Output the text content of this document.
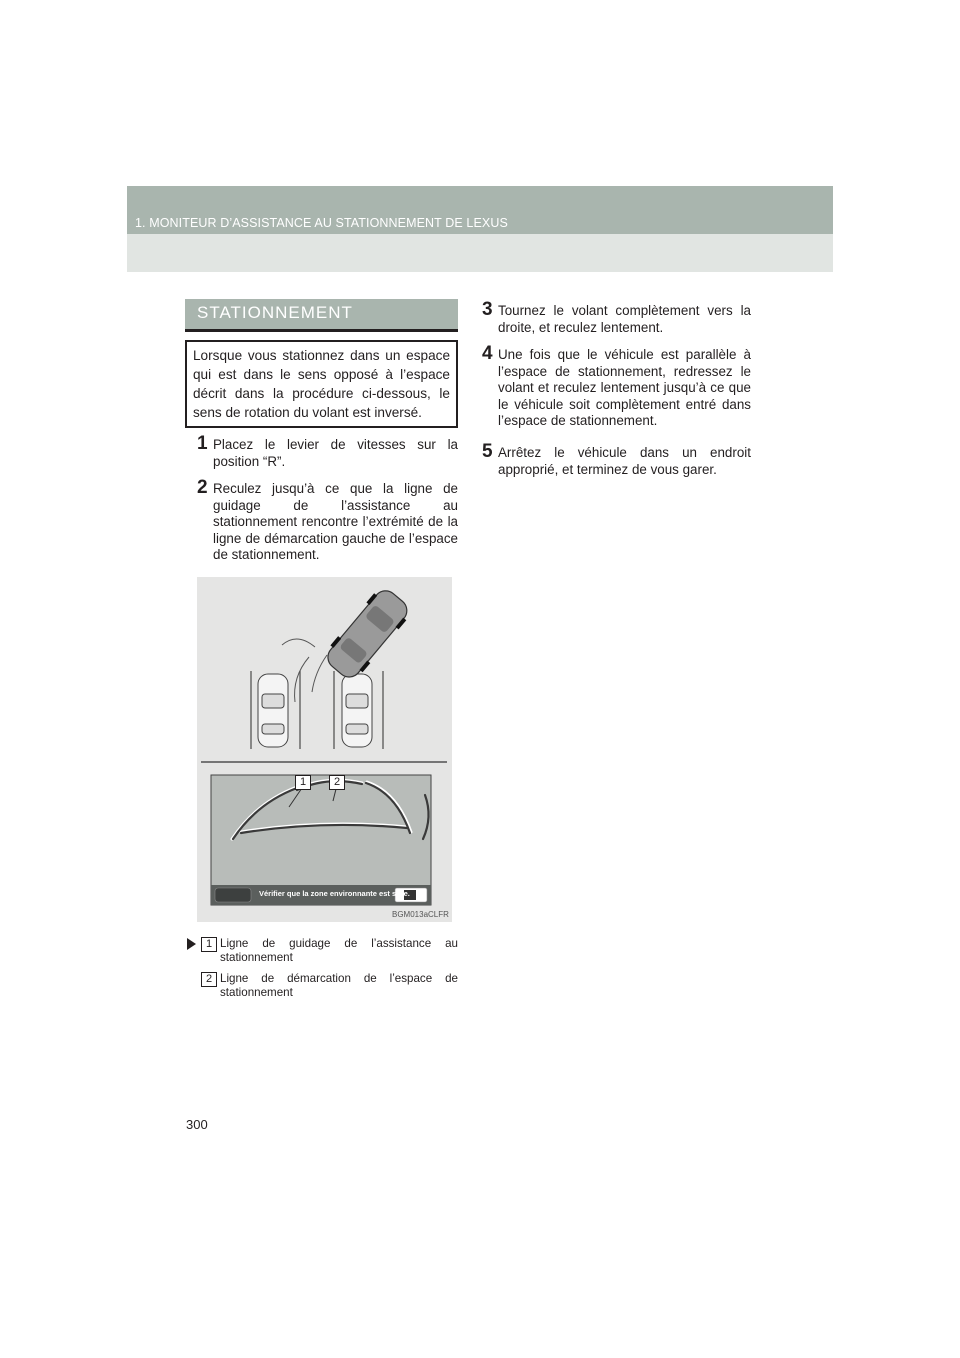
1. MONITEUR D’ASSISTANCE AU STATIONNEMENT DE LEXUS
STATIONNEMENT

Lorsque vous stationnez dans un espace qui est dans le sens opposé à l’espace décrit dans la procédure ci-dessous, le sens de rotation du volant est inversé.

1 Placez le levier de vitesses sur la position “R”.
2 Reculez jusqu’à ce que la ligne de guidage de l’assistance au stationnement rencontre l’extrémité de la ligne de démarcation gauche de l’espace de stationnement.
1	2
Vérifier que la zone environnante est sûre.
BGM013aCLFR
1 Ligne de guidage de l’assistance au stationnement
2 Ligne de démarcation de l’espace de stationnement
3 Tournez le volant complètement vers la droite, et reculez lentement.
4 Une fois que le véhicule est parallèle à l’espace de stationnement, redressez le volant et reculez lentement jusqu’à ce que le véhicule soit complètement entré dans l’espace de stationnement.
5 Arrêtez le véhicule dans un endroit approprié, et terminez de vous garer.
300
